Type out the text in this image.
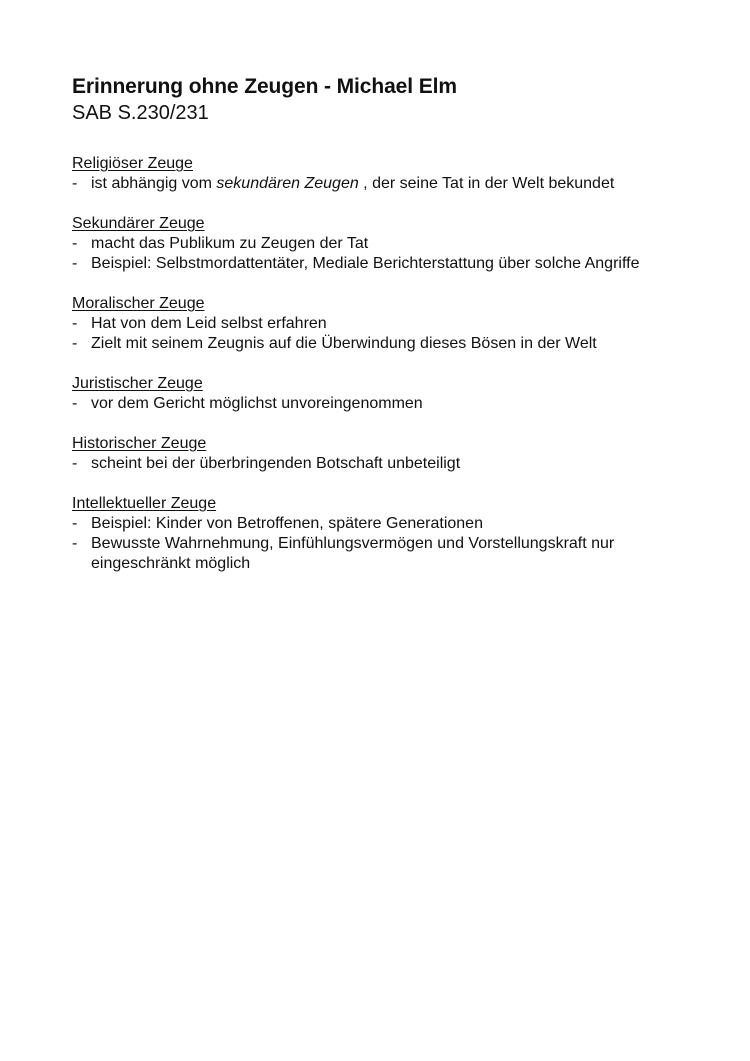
Erinnerung ohne Zeugen - Michael Elm
SAB S.230/231
Religiöser Zeuge
- ist abhängig vom sekundären Zeugen , der seine Tat in der Welt bekundet
Sekundärer Zeuge
- macht das Publikum zu Zeugen der Tat
- Beispiel: Selbstmordattentäter, Mediale Berichterstattung über solche Angriffe
Moralischer Zeuge
- Hat von dem Leid selbst erfahren
- Zielt mit seinem Zeugnis auf die Überwindung dieses Bösen in der Welt
Juristischer Zeuge
- vor dem Gericht möglichst unvoreingenommen
Historischer Zeuge
- scheint bei der überbringenden Botschaft unbeteiligt
Intellektueller Zeuge
- Beispiel: Kinder von Betroffenen, spätere Generationen
- Bewusste Wahrnehmung, Einfühlungsvermögen und Vorstellungskraft nur eingeschränkt möglich
